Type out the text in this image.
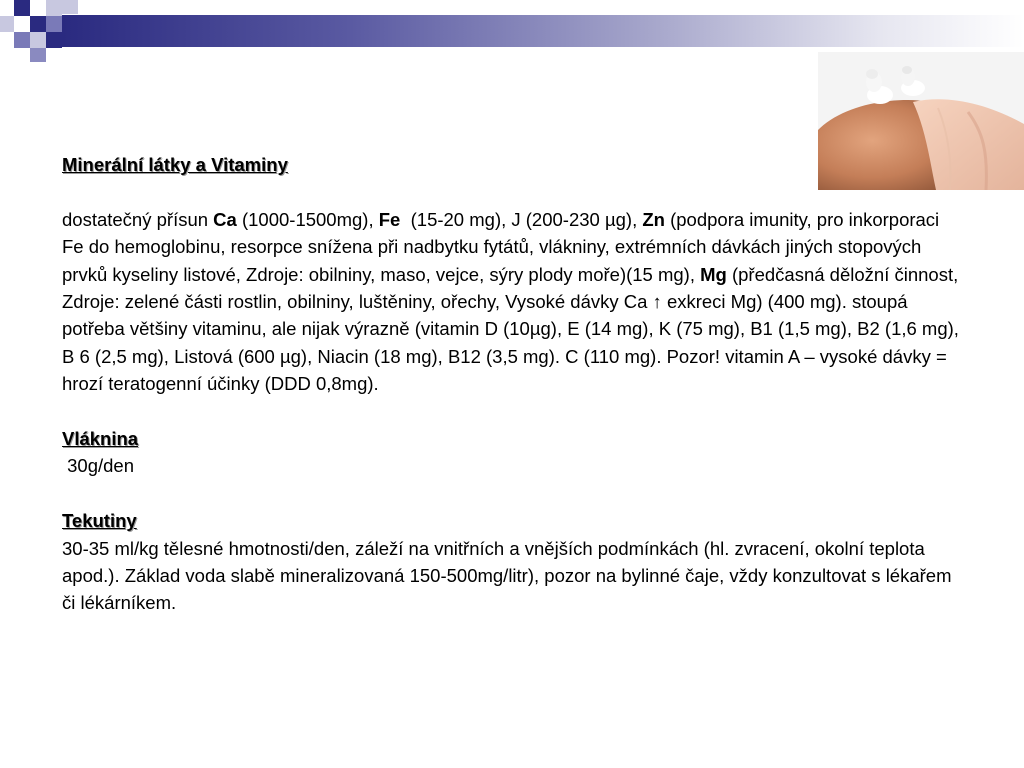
Minerální látky a Vitaminy

dostatečný přísun Ca (1000-1500mg), Fe  (15-20 mg), J (200-230 µg), Zn (podpora imunity, pro inkorporaci Fe do hemoglobinu, resorpce snížena při nadbytku fytátů, vlákniny, extrémních dávkách jiných stopových prvků kyseliny listové, Zdroje: obilniny, maso, vejce, sýry plody moře)(15 mg), Mg (předčasná děložní činnost, Zdroje: zelené části rostlin, obilniny, luštěniny, ořechy, Vysoké dávky Ca ↑ exkreci Mg) (400 mg). stoupá potřeba většiny vitaminu, ale nijak výrazně (vitamin D (10µg), E (14 mg), K (75 mg), B1 (1,5 mg), B2 (1,6 mg), B 6 (2,5 mg), Listová (600 µg), Niacin (18 mg), B12 (3,5 mg). C (110 mg). Pozor! vitamin A – vysoké dávky = hrozí teratogenní účinky (DDD 0,8mg).

Vláknina

30g/den

Tekutiny

30-35 ml/kg tělesné hmotnosti/den, záleží na vnitřních a vnějších podmínkách (hl. zvracení, okolní teplota apod.). Základ voda slabě mineralizovaná 150-500mg/litr), pozor na bylinné čaje, vždy konzultovat s lékařem či lékárníkem.
